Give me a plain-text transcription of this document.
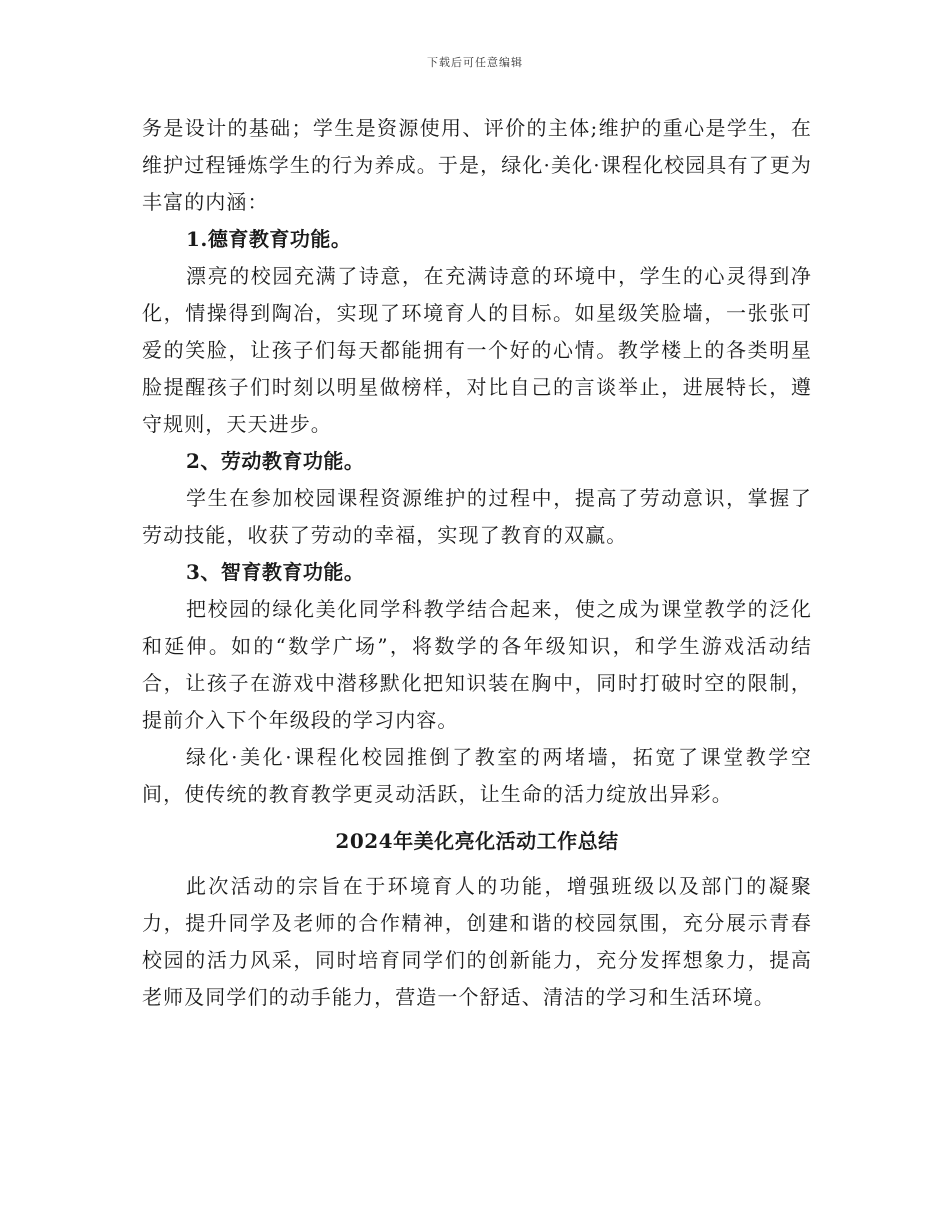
下载后可任意编辑

务是设计的基础；学生是资源使用、评价的主体;维护的重心是学生，在维护过程锤炼学生的行为养成。于是，绿化·美化·课程化校园具有了更为丰富的内涵：

1.德育教育功能。

漂亮的校园充满了诗意，在充满诗意的环境中，学生的心灵得到净化，情操得到陶冶，实现了环境育人的目标。如星级笑脸墙，一张张可爱的笑脸，让孩子们每天都能拥有一个好的心情。教学楼上的各类明星脸提醒孩子们时刻以明星做榜样，对比自己的言谈举止，进展特长，遵守规则，天天进步。

2、劳动教育功能。

学生在参加校园课程资源维护的过程中，提高了劳动意识，掌握了劳动技能，收获了劳动的幸福，实现了教育的双赢。

3、智育教育功能。

把校园的绿化美化同学科教学结合起来，使之成为课堂教学的泛化和延伸。如的“数学广场”，将数学的各年级知识，和学生游戏活动结合，让孩子在游戏中潜移默化把知识装在胸中，同时打破时空的限制，提前介入下个年级段的学习内容。

绿化·美化·课程化校园推倒了教室的两堵墙，拓宽了课堂教学空间，使传统的教育教学更灵动活跃，让生命的活力绽放出异彩。

2024年美化亮化活动工作总结

此次活动的宗旨在于环境育人的功能，增强班级以及部门的凝聚力，提升同学及老师的合作精神，创建和谐的校园氛围，充分展示青春校园的活力风采，同时培育同学们的创新能力，充分发挥想象力，提高老师及同学们的动手能力，营造一个舒适、清洁的学习和生活环境。
